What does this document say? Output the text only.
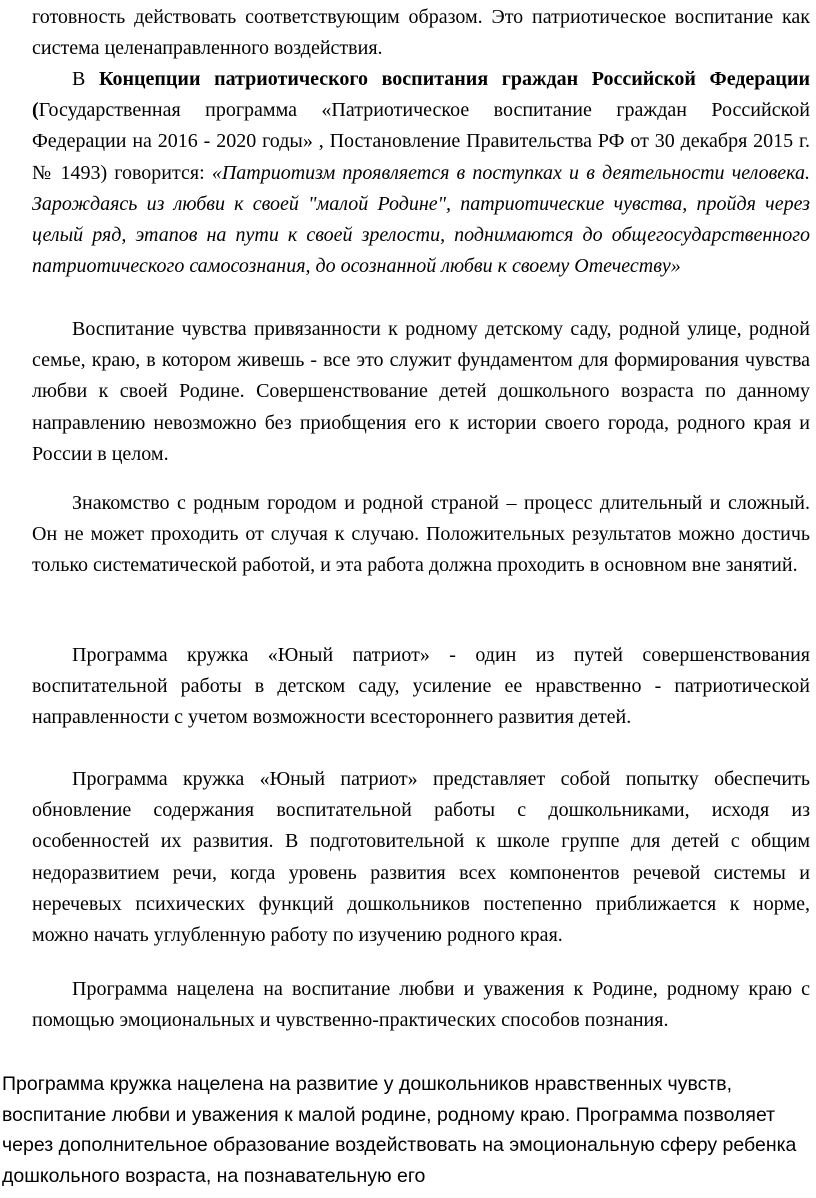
готовность действовать соответствующим образом. Это патриотическое воспитание как система целенаправленного воздействия.

В Концепции патриотического воспитания граждан Российской Федерации (Государственная программа «Патриотическое воспитание граждан Российской Федерации на 2016 - 2020 годы» , Постановление Правительства РФ от 30 декабря 2015 г. № 1493) говорится: «Патриотизм проявляется в поступках и в деятельности человека. Зарождаясь из любви к своей "малой Родине", патриотические чувства, пройдя через целый ряд, этапов на пути к своей зрелости, поднимаются до общегосударственного патриотического самосознания, до осознанной любви к своему Отечеству»

Воспитание чувства привязанности к родному детскому саду, родной улице, родной семье, краю, в котором живешь - все это служит фундаментом для формирования чувства любви к своей Родине. Совершенствование детей дошкольного возраста по данному направлению невозможно без приобщения его к истории своего города, родного края и России в целом.

Знакомство с родным городом и родной страной – процесс длительный и сложный. Он не может проходить от случая к случаю. Положительных результатов можно достичь только систематической работой, и эта работа должна проходить в основном вне занятий.

Программа кружка «Юный патриот» - один из путей совершенствования воспитательной работы в детском саду, усиление ее нравственно - патриотической направленности с учетом возможности всестороннего развития детей.

Программа кружка «Юный патриот» представляет собой попытку обеспечить обновление содержания воспитательной работы с дошкольниками, исходя из особенностей их развития. В подготовительной к школе группе для детей с общим недоразвитием речи, когда уровень развития всех компонентов речевой системы и неречевых психических функций дошкольников постепенно приближается к норме, можно начать углубленную работу по изучению родного края.

Программа нацелена на воспитание любви и уважения к Родине, родному краю с помощью эмоциональных и чувственно-практических способов познания.

Программа кружка нацелена на развитие у дошкольников нравственных чувств, воспитание любви и уважения к малой родине, родному краю. Программа позволяет через дополнительное образование воздействовать на эмоциональную сферу ребенка дошкольного возраста, на познавательную его
